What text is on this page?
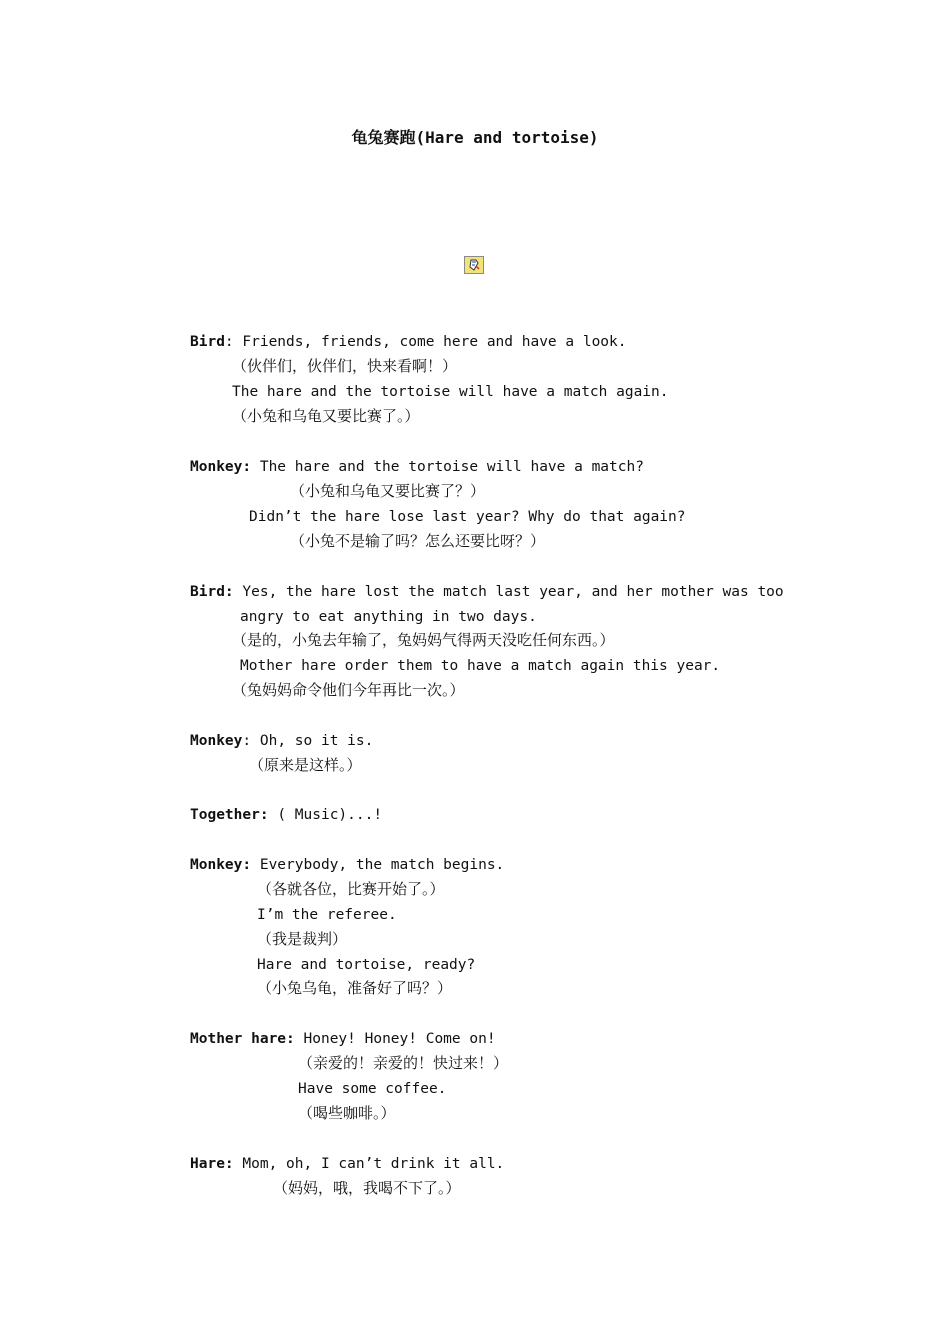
龟兔赛跑(Hare and tortoise)
Bird: Friends, friends, come here and have a look.
（伙伴们，伙伴们，快来看啊！）
The hare and the tortoise will have a match again.
（小兔和乌龟又要比赛了。）
Monkey: The hare and the tortoise will have a match?
（小兔和乌龟又要比赛了？）
Didn’t the hare lose last year? Why do that again?
（小兔不是输了吗？怎么还要比呀？）
Bird: Yes, the hare lost the match last year, and her mother was too
angry to eat anything in two days.
（是的，小兔去年输了，兔妈妈气得两天没吃任何东西。）
Mother hare order them to have a match again this year.
（兔妈妈命令他们今年再比一次。）
Monkey: Oh, so it is.
（原来是这样。）
Together: ( Music)...!
Monkey: Everybody, the match begins.
（各就各位，比赛开始了。）
I’m the referee.
（我是裁判）
Hare and tortoise, ready?
（小兔乌龟，准备好了吗？）
Mother hare: Honey! Honey! Come on!
（亲爱的！亲爱的！快过来！）
Have some coffee.
（喝些咖啡。）
Hare: Mom, oh, I can’t drink it all.
（妈妈，哦，我喝不下了。）
